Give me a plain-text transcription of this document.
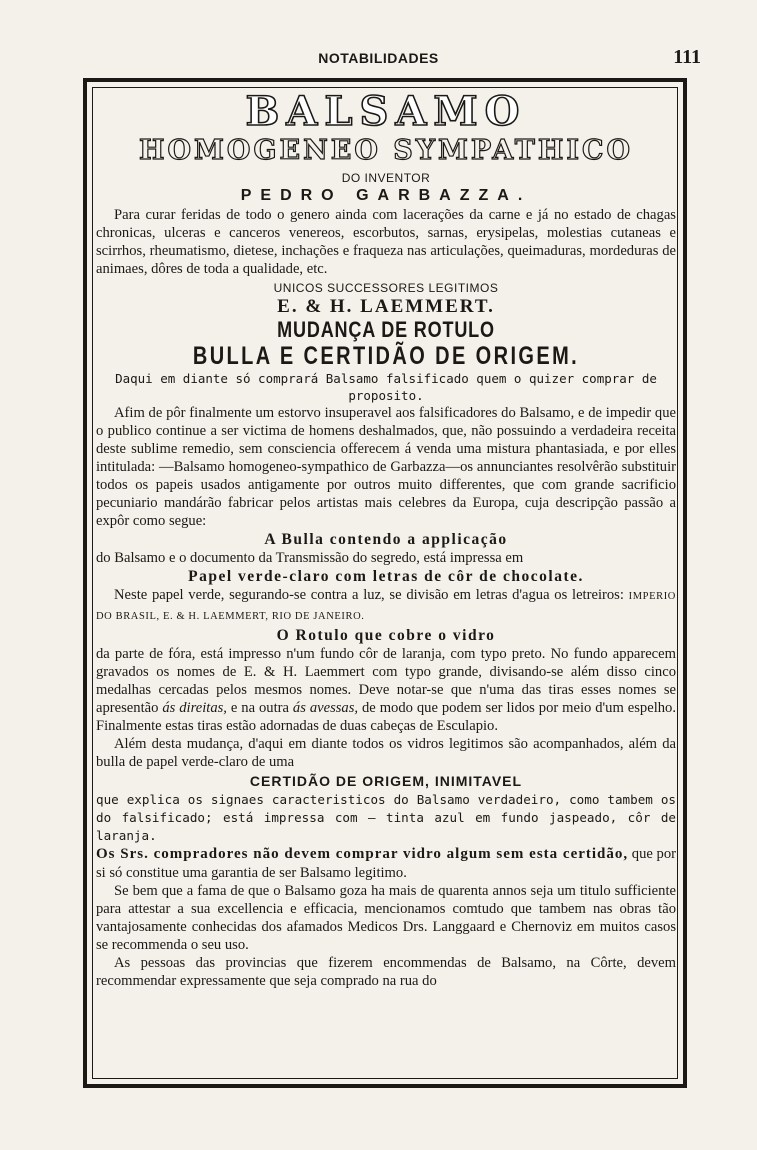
NOTABILIDADES	111
BALSAMO
HOMOGENEO SYMPATHICO
DO INVENTOR
PEDRO GARBAZZA.

Para curar feridas de todo o genero ainda com lacerações da carne e já no estado de chagas chronicas, ulceras e canceros venereos, escorbutos, sarnas, erysipelas, molestias cutaneas e scirrhos, rheumatismo, dietese, inchações e fraqueza nas articulações, queimaduras, mordeduras de animaes, dôres de toda a qualidade, etc.

UNICOS SUCCESSORES LEGITIMOS
E. & H. LAEMMERT.
MUDANÇA DE ROTULO
BULLA E CERTIDÃO DE ORIGEM.

Daqui em diante só comprará Balsamo falsificado quem o quizer comprar de proposito.

Afim de pôr finalmente um estorvo insuperavel aos falsificadores do Balsamo, e de impedir que o publico continue a ser victima de homens deshalmados, que, não possuindo a verdadeira receita deste sublime remedio, sem consciencia offerecem á venda uma mistura phantasiada, e por elles intitulada: —Balsamo homogeneo-sympathico de Garbazza—os annunciantes resolvêrão substituir todos os papeis usados antigamente por outros muito differentes, que com grande sacrificio pecuniario mandárão fabricar pelos artistas mais celebres da Europa, cuja descripção passão a expôr como segue:

A Bulla contendo a applicação

do Balsamo e o documento da Transmissão do segredo, está impressa em

Papel verde-claro com letras de côr de chocolate.

Neste papel verde, segurando-se contra a luz, se divisão em letras d'agua os letreiros: IMPERIO DO BRASIL, E. & H. LAEMMERT, RIO DE JANEIRO.

O Rotulo que cobre o vidro

da parte de fóra, está impresso n'um fundo côr de laranja, com typo preto. No fundo apparecem gravados os nomes de E. & H. Laemmert com typo grande, divisando-se além disso cinco medalhas cercadas pelos mesmos nomes. Deve notar-se que n'uma das tiras esses nomes se apresentão ás direitas, e na outra ás avessas, de modo que podem ser lidos por meio d'um espelho. Finalmente estas tiras estão adornadas de duas cabeças de Esculapio.

Além desta mudança, d'aqui em diante todos os vidros legitimos são acompanhados, além da bulla de papel verde-claro de uma

CERTIDÃO DE ORIGEM, INIMITAVEL

que explica os signaes caracteristicos do Balsamo verdadeiro, como tambem os do falsificado; está impressa com — tinta azul em fundo jaspeado, côr de laranja.

Os Srs. compradores não devem comprar vidro algum sem esta certidão, que por si só constitue uma garantia de ser Balsamo legitimo.

Se bem que a fama de que o Balsamo goza ha mais de quarenta annos seja um titulo sufficiente para attestar a sua excellencia e efficacia, mencionamos comtudo que tambem nas obras tão vantajosamente conhecidas dos afamados Medicos Drs. Langgaard e Chernoviz em muitos casos se recommenda o seu uso.

As pessoas das provincias que fizerem encommendas de Balsamo, na Côrte, devem recommendar expressamente que seja comprado na rua do
